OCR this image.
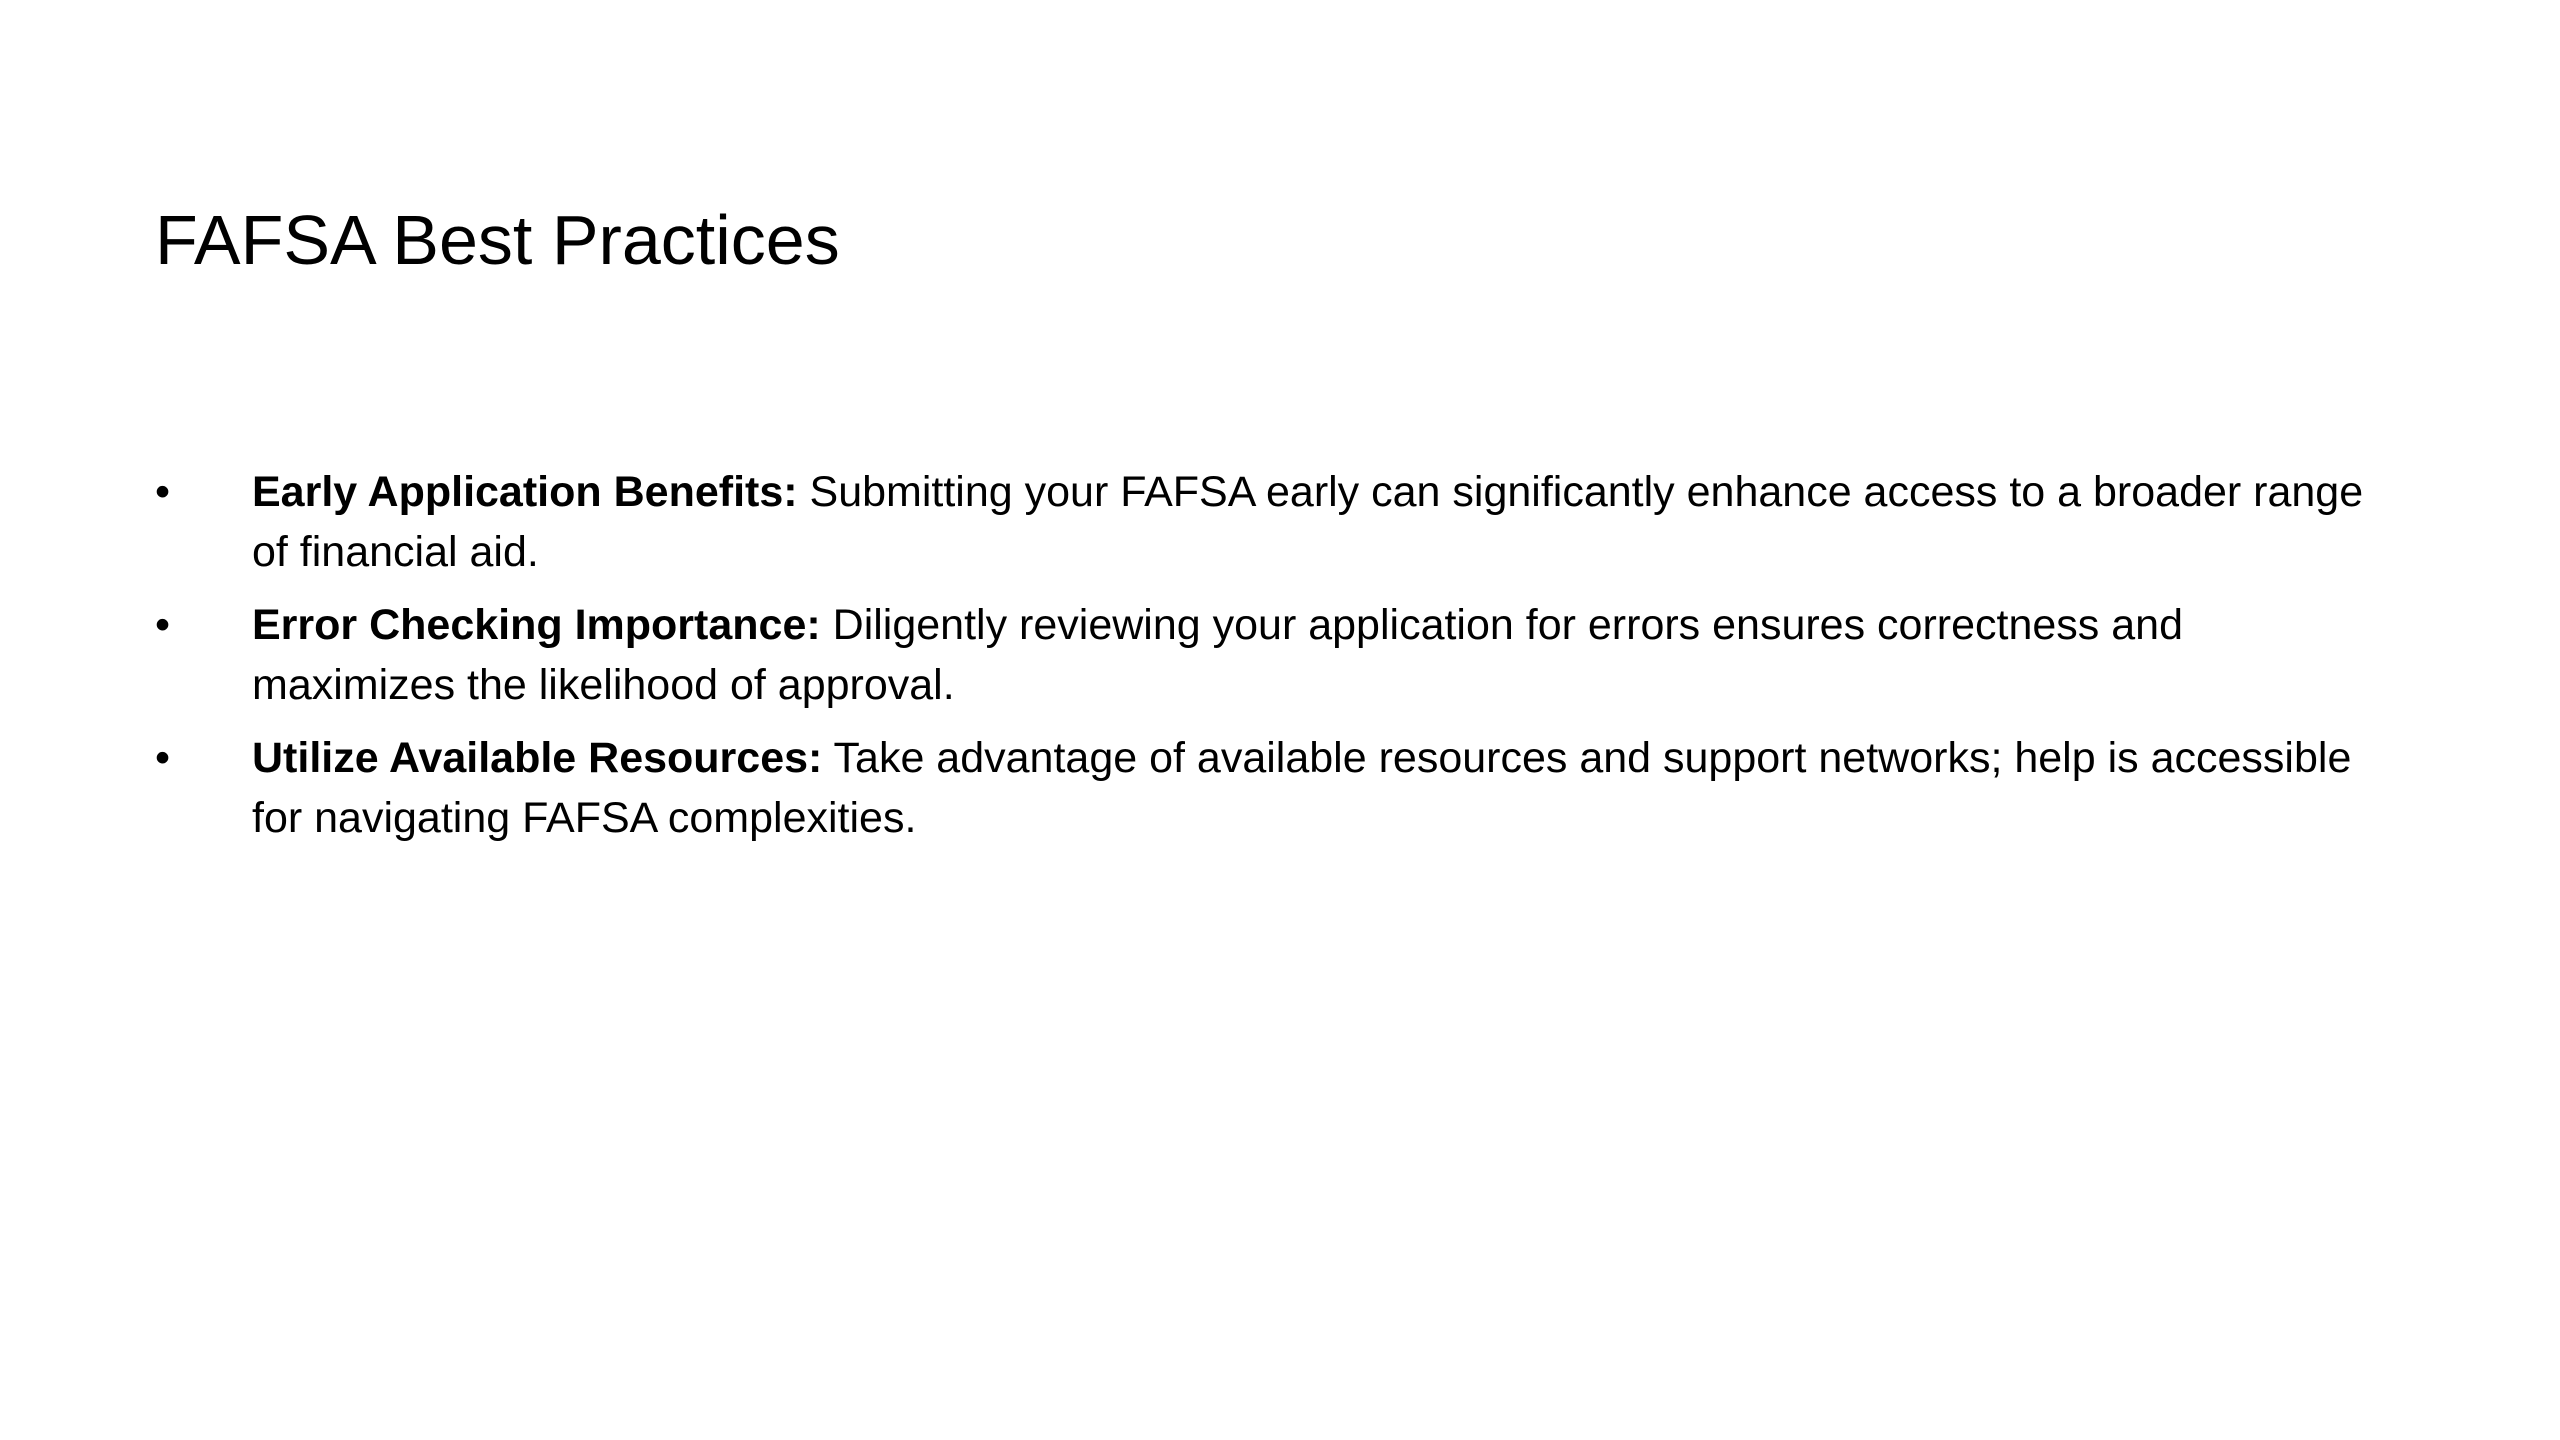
FAFSA Best Practices
•	Early Application Benefits: Submitting your FAFSA early can significantly enhance access to a broader range of financial aid.
•	Error Checking Importance: Diligently reviewing your application for errors ensures correctness and maximizes the likelihood of approval.
•	Utilize Available Resources: Take advantage of available resources and support networks; help is accessible for navigating FAFSA complexities.
